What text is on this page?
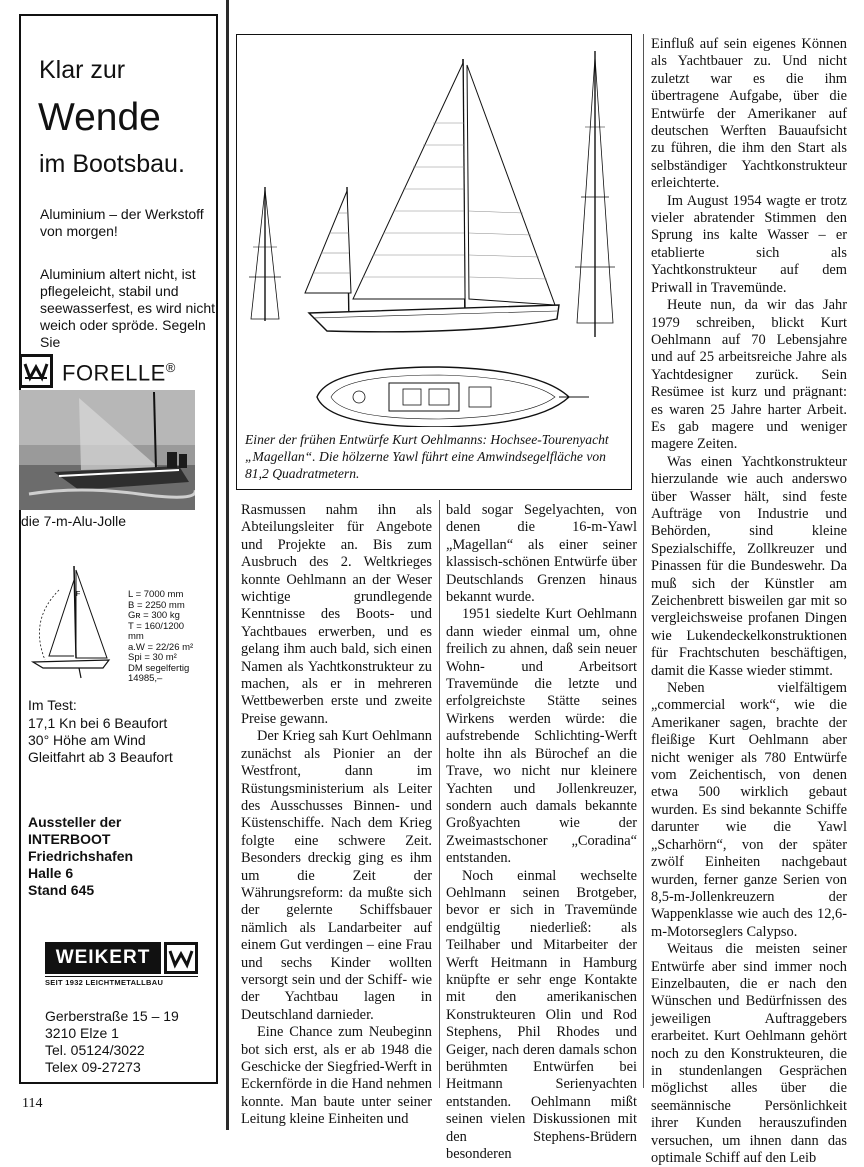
Klar zur
Wende
im Bootsbau.
Aluminium – der Werkstoff von morgen!
Aluminium altert nicht, ist pflegeleicht, stabil und seewasserfest, es wird nicht weich oder spröde. Segeln Sie
FORELLE®
die 7-m-Alu-Jolle
F	L = 7000 mm
B = 2250 mm
Gʀ = 300 kg
T = 160/1200 mm
a.W = 22/26 m²
Spi = 30 m²
DM segelfertig
14985,–
Im Test:
17,1 Kn bei 6 Beaufort
30° Höhe am Wind
Gleitfahrt ab 3 Beaufort
Aussteller der
INTERBOOT
Friedrichshafen
Halle 6
Stand 645
WEIKERT
SEIT 1932 LEICHTMETALLBAU
Gerberstraße 15 – 19
3210 Elze 1
Tel. 05124/3022
Telex 09-27273
114
Einer der frühen Entwürfe Kurt Oehlmanns: Hochsee-Tourenyacht „Magellan“. Die hölzerne Yawl führt eine Amwindsegelfläche von 81,2 Quadratmetern.

Rasmussen nahm ihn als Abteilungsleiter für Angebote und Projekte an. Bis zum Ausbruch des 2. Weltkrieges konnte Oehlmann an der Weser wichtige grundlegende Kenntnisse des Boots- und Yachtbaues erwerben, und es gelang ihm auch bald, sich einen Namen als Yachtkonstrukteur zu machen, als er in mehreren Wettbewerben erste und zweite Preise gewann.

Der Krieg sah Kurt Oehlmann zunächst als Pionier an der Westfront, dann im Rüstungsministerium als Leiter des Ausschusses Binnen- und Küstenschiffe. Nach dem Krieg folgte eine schwere Zeit. Besonders dreckig ging es ihm um die Zeit der Währungsreform: da mußte sich der gelernte Schiffsbauer nämlich als Landarbeiter auf einem Gut verdingen – eine Frau und sechs Kinder wollten versorgt sein und der Schiff- wie der Yachtbau lagen in Deutschland darnieder.

Eine Chance zum Neubeginn bot sich erst, als er ab 1948 die Geschicke der Siegfried-Werft in Eckernförde in die Hand nehmen konnte. Man baute unter seiner Leitung kleine Einheiten und

bald sogar Segelyachten, von denen die 16-m-Yawl „Magellan“ als einer seiner klassisch-schönen Entwürfe über Deutschlands Grenzen hinaus bekannt wurde.

1951 siedelte Kurt Oehlmann dann wieder einmal um, ohne freilich zu ahnen, daß sein neuer Wohn- und Arbeitsort Travemünde die letzte und erfolgreichste Stätte seines Wirkens werden würde: die aufstrebende Schlichting-Werft holte ihn als Bürochef an die Trave, wo nicht nur kleinere Yachten und Jollenkreuzer, sondern auch damals bekannte Großyachten wie der Zweimastschoner „Coradina“ entstanden.

Noch einmal wechselte Oehlmann seinen Brotgeber, bevor er sich in Travemünde endgültig niederließ: als Teilhaber und Mitarbeiter der Werft Heitmann in Hamburg knüpfte er sehr enge Kontakte mit den amerikanischen Konstrukteuren Olin und Rod Stephens, Phil Rhodes und Geiger, nach deren damals schon berühmten Entwürfen bei Heitmann Serienyachten entstanden. Oehlmann mißt seinen vielen Diskussionen mit den Stephens-Brüdern besonderen

Einfluß auf sein eigenes Können als Yachtbauer zu. Und nicht zuletzt war es die ihm übertragene Aufgabe, über die Entwürfe der Amerikaner auf deutschen Werften Bauaufsicht zu führen, die ihm den Start als selbständiger Yachtkonstrukteur erleichterte.

Im August 1954 wagte er trotz vieler abratender Stimmen den Sprung ins kalte Wasser – er etablierte sich als Yachtkonstrukteur auf dem Priwall in Travemünde.

Heute nun, da wir das Jahr 1979 schreiben, blickt Kurt Oehlmann auf 70 Lebensjahre und auf 25 arbeitsreiche Jahre als Yachtdesigner zurück. Sein Resümee ist kurz und prägnant: es waren 25 Jahre harter Arbeit. Es gab magere und weniger magere Zeiten.

Was einen Yachtkonstrukteur hierzulande wie auch anderswo über Wasser hält, sind feste Aufträge von Industrie und Behörden, sind kleine Spezialschiffe, Zollkreuzer und Pinassen für die Bundeswehr. Da muß sich der Künstler am Zeichenbrett bisweilen gar mit so vergleichsweise profanen Dingen wie Lukendeckelkonstruktionen für Frachtschuten beschäftigen, damit die Kasse wieder stimmt.

Neben vielfältigem „commercial work“, wie die Amerikaner sagen, brachte der fleißige Kurt Oehlmann aber nicht weniger als 780 Entwürfe vom Zeichentisch, von denen etwa 500 wirklich gebaut wurden. Es sind bekannte Schiffe darunter wie die Yawl „Scharhörn“, von der später zwölf Einheiten nachgebaut wurden, ferner ganze Serien von 8,5-m-Jollenkreuzern der Wappenklasse wie auch des 12,6-m-Motorseglers Calypso.

Weitaus die meisten seiner Entwürfe aber sind immer noch Einzelbauten, die er nach den Wünschen und Bedürfnissen des jeweiligen Auftraggebers erarbeitet. Kurt Oehlmann gehört noch zu den Konstrukteuren, die in stundenlangen Gesprächen möglichst alles über die seemännische Persönlichkeit ihrer Kunden herauszufinden versuchen, um ihnen dann das optimale Schiff auf den Leib
